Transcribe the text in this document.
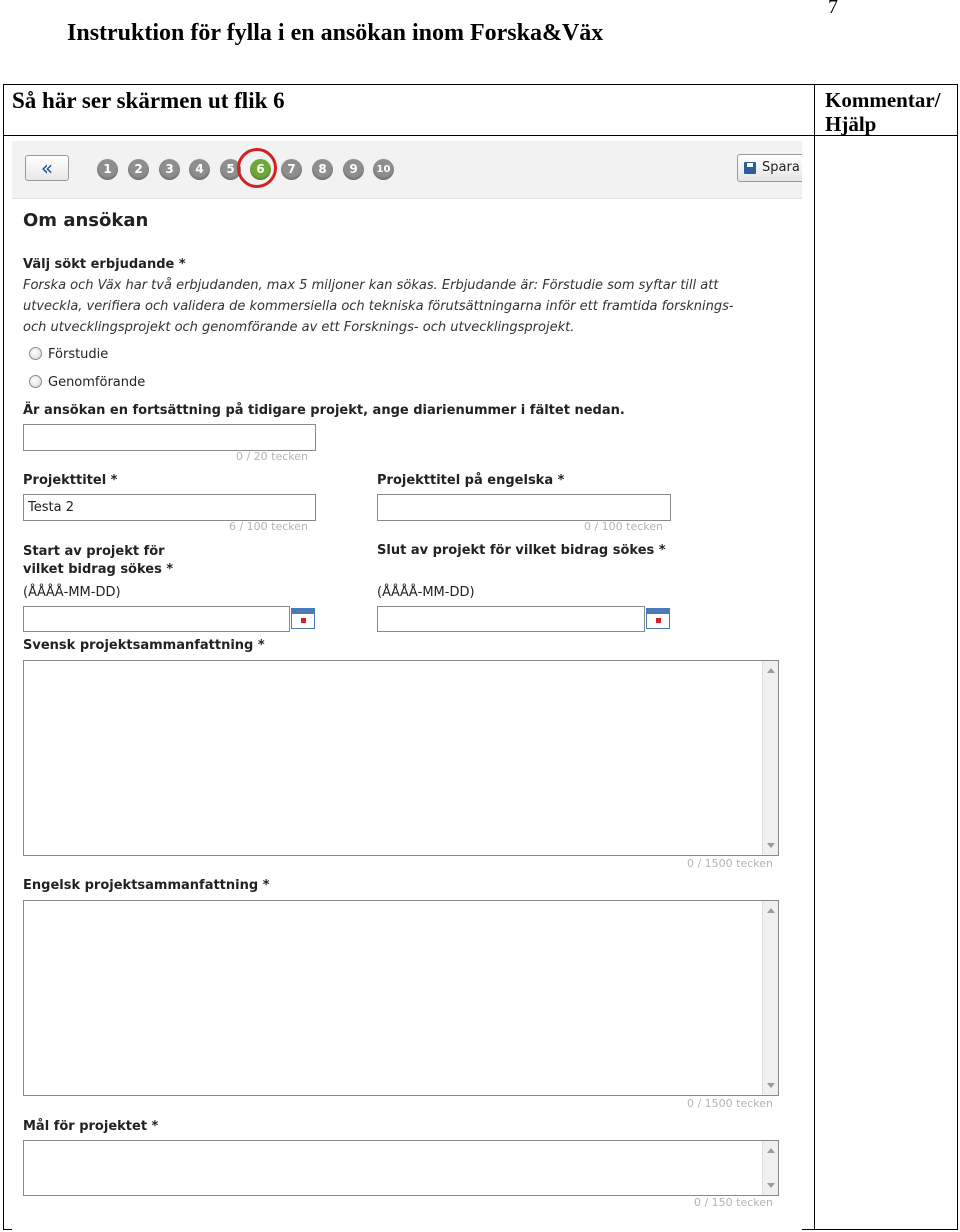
Instruktion för fylla i en ansökan inom Forska&Väx
7
Så här ser skärmen ut flik 6	Kommentar/
Hjälp
«	1	2	3	4	5	6	7	8	9	10	Spara
Om ansökan
Välj sökt erbjudande *
Forska och Väx har två erbjudanden, max 5 miljoner kan sökas. Erbjudande är: Förstudie som syftar till att
utveckla, verifiera och validera de kommersiella och tekniska förutsättningarna inför ett framtida forsknings-
och utvecklingsprojekt och genomförande av ett Forsknings- och utvecklingsprojekt.
Förstudie
Genomförande
Är ansökan en fortsättning på tidigare projekt, ange diarienummer i fältet nedan.
0 / 20 tecken
Projekttitel *
Testa 2
6 / 100 tecken
Projekttitel på engelska *
0 / 100 tecken
Start av projekt för
vilket bidrag sökes *
(ÅÅÅÅ-MM-DD)
Slut av projekt för vilket bidrag sökes *
(ÅÅÅÅ-MM-DD)
Svensk projektsammanfattning *
0 / 1500 tecken
Engelsk projektsammanfattning *
0 / 1500 tecken
Mål för projektet *
0 / 150 tecken
